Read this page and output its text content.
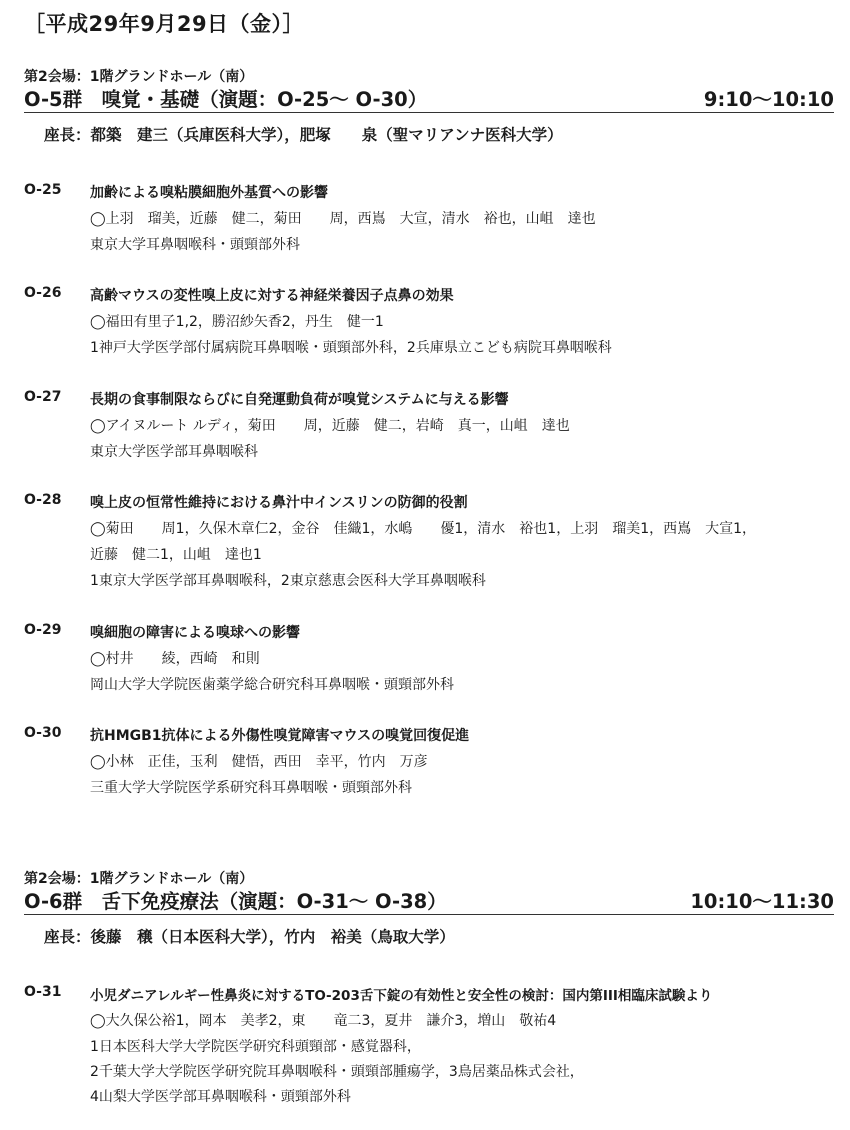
［平成29年9月29日（金）］
第2会場：1階グランドホール（南）
O-5群　嗅覚・基礎（演題：O-25～ O-30）	9:10～10:10
座長：都築　建三（兵庫医科大学），肥塚　　泉（聖マリアンナ医科大学）
O-25 加齢による嗅粘膜細胞外基質への影響
◯上羽　瑠美，近藤　健二，菊田　　周，西嶌　大宣，清水　裕也，山岨　達也
東京大学耳鼻咽喉科・頭頸部外科
O-26 高齢マウスの変性嗅上皮に対する神経栄養因子点鼻の効果
◯福田有里子1,2，勝沼紗矢香2，丹生　健一1
1神戸大学医学部付属病院耳鼻咽喉・頭頸部外科，2兵庫県立こども病院耳鼻咽喉科
O-27 長期の食事制限ならびに自発運動負荷が嗅覚システムに与える影響
◯アイヌルート ルディ，菊田　　周，近藤　健二，岩崎　真一，山岨　達也
東京大学医学部耳鼻咽喉科
O-28 嗅上皮の恒常性維持における鼻汁中インスリンの防御的役割
◯菊田　　周1，久保木章仁2，金谷　佳織1，水嶋　　優1，清水　裕也1，上羽　瑠美1，西嶌　大宣1，
近藤　健二1，山岨　達也1
1東京大学医学部耳鼻咽喉科，2東京慈恵会医科大学耳鼻咽喉科
O-29 嗅細胞の障害による嗅球への影響
◯村井　　綾，西崎　和則
岡山大学大学院医歯薬学総合研究科耳鼻咽喉・頭頸部外科
O-30 抗HMGB1抗体による外傷性嗅覚障害マウスの嗅覚回復促進
◯小林　正佳，玉利　健悟，西田　幸平，竹内　万彦
三重大学大学院医学系研究科耳鼻咽喉・頭頸部外科
第2会場：1階グランドホール（南）
O-6群　舌下免疫療法（演題：O-31～ O-38）	10:10～11:30
座長：後藤　穣（日本医科大学），竹内　裕美（鳥取大学）
O-31 小児ダニアレルギー性鼻炎に対するTO-203舌下錠の有効性と安全性の検討：国内第III相臨床試験より
◯大久保公裕1，岡本　美孝2，東　　竜二3，夏井　謙介3，増山　敬祐4
1日本医科大学大学院医学研究科頭頸部・感覚器科，
2千葉大学大学院医学研究院耳鼻咽喉科・頭頸部腫瘍学，3鳥居薬品株式会社，
4山梨大学医学部耳鼻咽喉科・頭頸部外科
